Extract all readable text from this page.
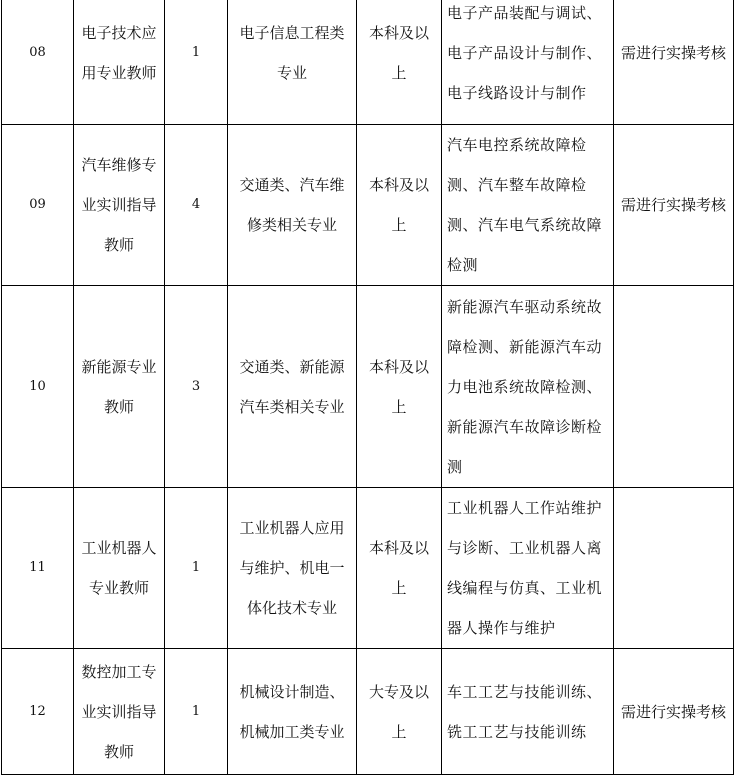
08	电子技术应用专业教师	1	电子信息工程类专业	本科及以上	电子产品装配与调试、电子产品设计与制作、电子线路设计与制作	需进行实操考核
09	汽车维修专业实训指导教师	4	交通类、汽车维修类相关专业	本科及以上	汽车电控系统故障检测、汽车整车故障检测、汽车电气系统故障检测	需进行实操考核
10	新能源专业教师	3	交通类、新能源汽车类相关专业	本科及以上	新能源汽车驱动系统故障检测、新能源汽车动力电池系统故障检测、新能源汽车故障诊断检测	
11	工业机器人专业教师	1	工业机器人应用与维护、机电一体化技术专业	本科及以上	工业机器人工作站维护与诊断、工业机器人离线编程与仿真、工业机器人操作与维护	
12	数控加工专业实训指导教师	1	机械设计制造、机械加工类专业	大专及以上	车工工艺与技能训练、铣工工艺与技能训练	需进行实操考核
